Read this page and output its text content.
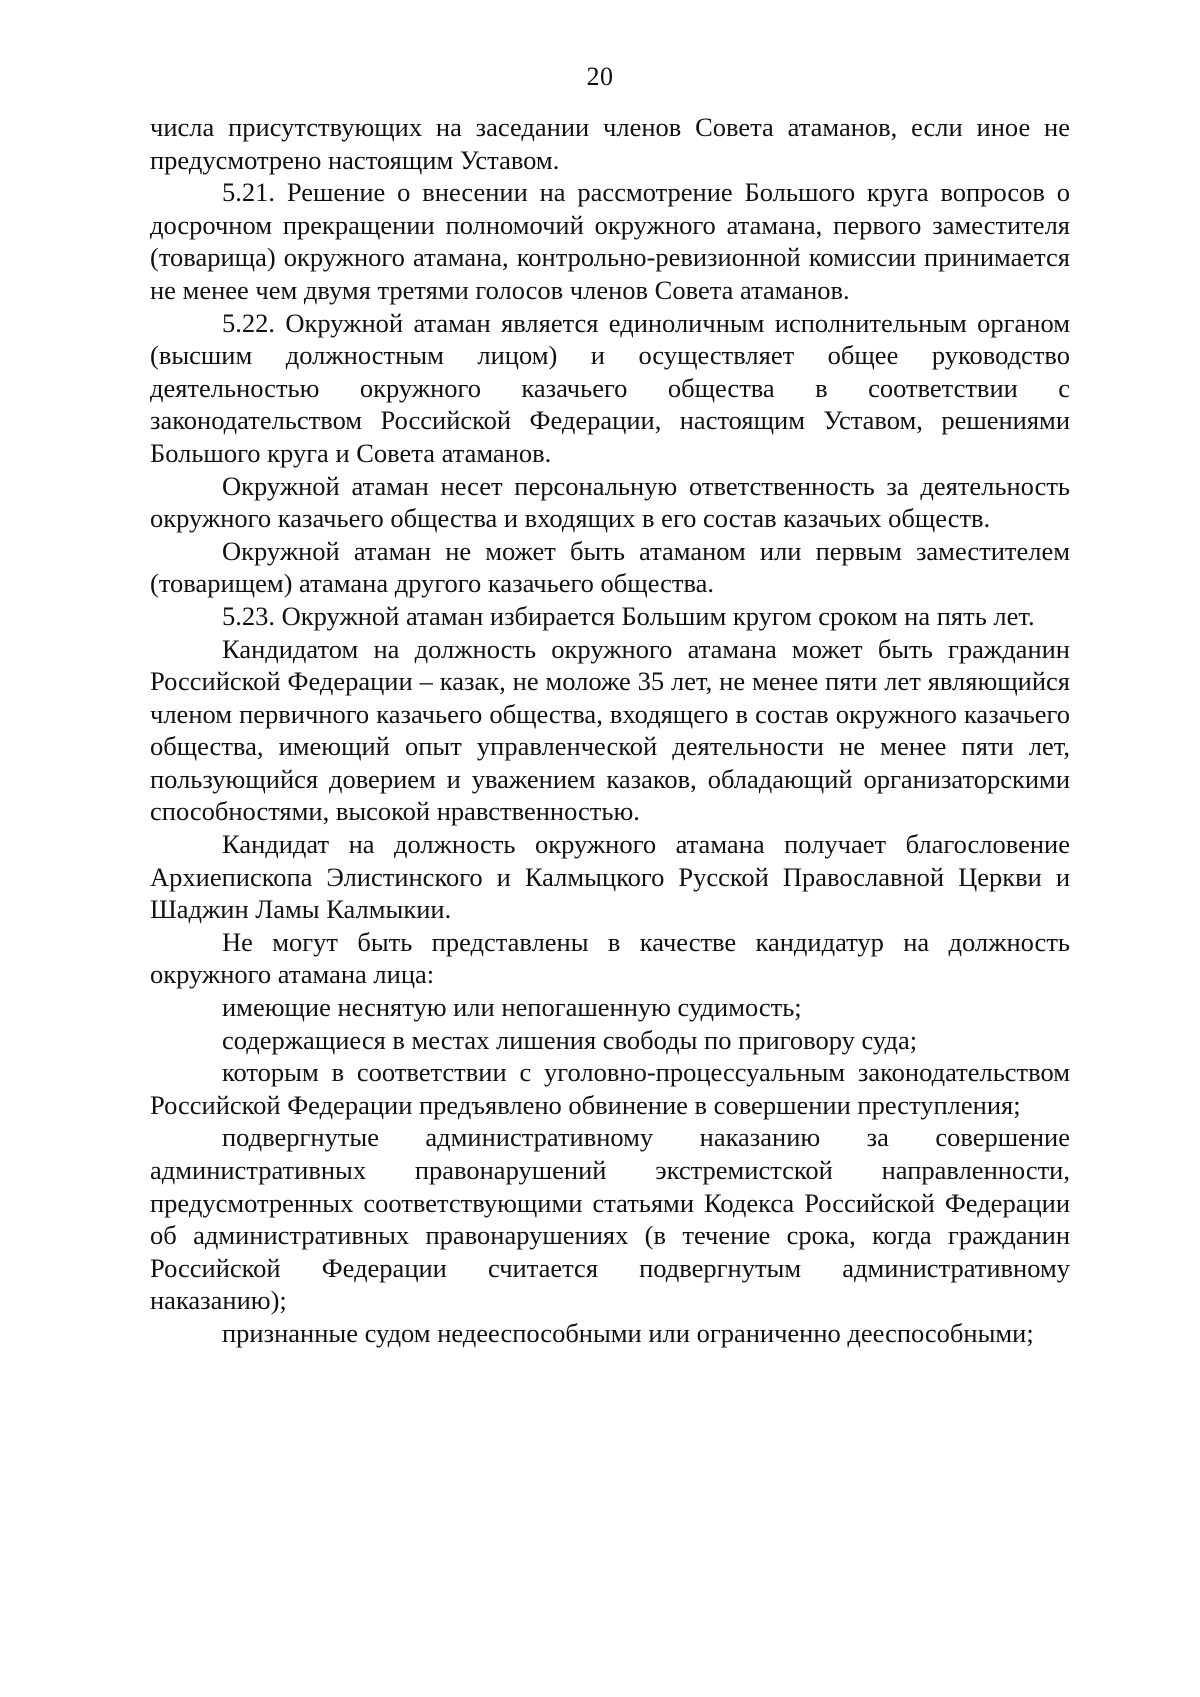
20

числа присутствующих на заседании членов Совета атаманов, если иное не предусмотрено настоящим Уставом.

5.21. Решение о внесении на рассмотрение Большого круга вопросов о досрочном прекращении полномочий окружного атамана, первого заместителя (товарища) окружного атамана, контрольно-ревизионной комиссии принимается не менее чем двумя третями голосов членов Совета атаманов.

5.22. Окружной атаман является единоличным исполнительным органом (высшим должностным лицом) и осуществляет общее руководство деятельностью окружного казачьего общества в соответствии с законодательством Российской Федерации, настоящим Уставом, решениями Большого круга и Совета атаманов.

Окружной атаман несет персональную ответственность за деятельность окружного казачьего общества и входящих в его состав казачьих обществ.

Окружной атаман не может быть атаманом или первым заместителем (товарищем) атамана другого казачьего общества.

5.23. Окружной атаман избирается Большим кругом сроком на пять лет.

Кандидатом на должность окружного атамана может быть гражданин Российской Федерации – казак, не моложе 35 лет, не менее пяти лет являющийся членом первичного казачьего общества, входящего в состав окружного казачьего общества, имеющий опыт управленческой деятельности не менее пяти лет, пользующийся доверием и уважением казаков, обладающий организаторскими способностями, высокой нравственностью.

Кандидат на должность окружного атамана получает благословение Архиепископа Элистинского и Калмыцкого Русской Православной Церкви и Шаджин Ламы Калмыкии.

Не могут быть представлены в качестве кандидатур на должность окружного атамана лица:

имеющие неснятую или непогашенную судимость;

содержащиеся в местах лишения свободы по приговору суда;

которым в соответствии с уголовно-процессуальным законодательством Российской Федерации предъявлено обвинение в совершении преступления;

подвергнутые административному наказанию за совершение административных правонарушений экстремистской направленности, предусмотренных соответствующими статьями Кодекса Российской Федерации об административных правонарушениях (в течение срока, когда гражданин Российской Федерации считается подвергнутым административному наказанию);

признанные судом недееспособными или ограниченно дееспособными;
